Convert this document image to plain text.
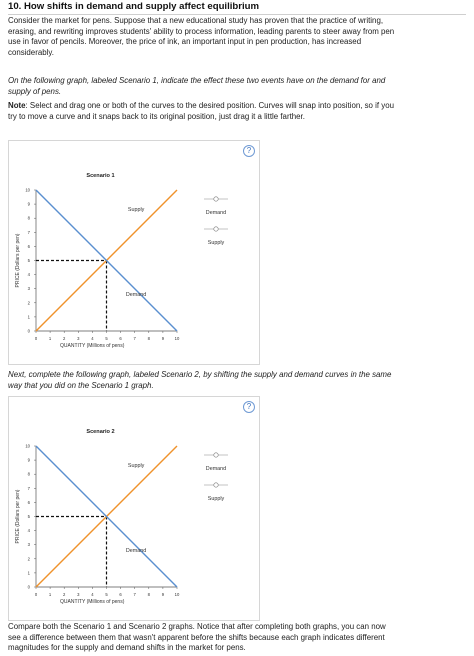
10. How shifts in demand and supply affect equilibrium

Consider the market for pens. Suppose that a new educational study has proven that the practice of writing, erasing, and rewriting improves students' ability to process information, leading parents to steer away from pen use in favor of pencils. Moreover, the price of ink, an important input in pen production, has increased considerably.

On the following graph, labeled Scenario 1, indicate the effect these two events have on the demand for and supply of pens.

Note: Select and drag one or both of the curves to the desired position. Curves will snap into position, so if you try to move a curve and it snaps back to its original position, just drag it a little farther.

?
Scenario 1
0
1
2
3
4
5
6
7
8
9
10
0	1	2	3	4	5	6	7	8	9	10
QUANTITY (Millions of pens)
PRICE (Dollars per pen)
Supply
Demand
Demand
Supply

Next, complete the following graph, labeled Scenario 2, by shifting the supply and demand curves in the same way that you did on the Scenario 1 graph.

?
Scenario 2
0
1
2
3
4
5
6
7
8
9
10
0	1	2	3	4	5	6	7	8	9	10
QUANTITY (Millions of pens)
PRICE (Dollars per pen)
Supply
Demand
Demand
Supply

Compare both the Scenario 1 and Scenario 2 graphs. Notice that after completing both graphs, you can now see a difference between them that wasn't apparent before the shifts because each graph indicates different magnitudes for the supply and demand shifts in the market for pens.
